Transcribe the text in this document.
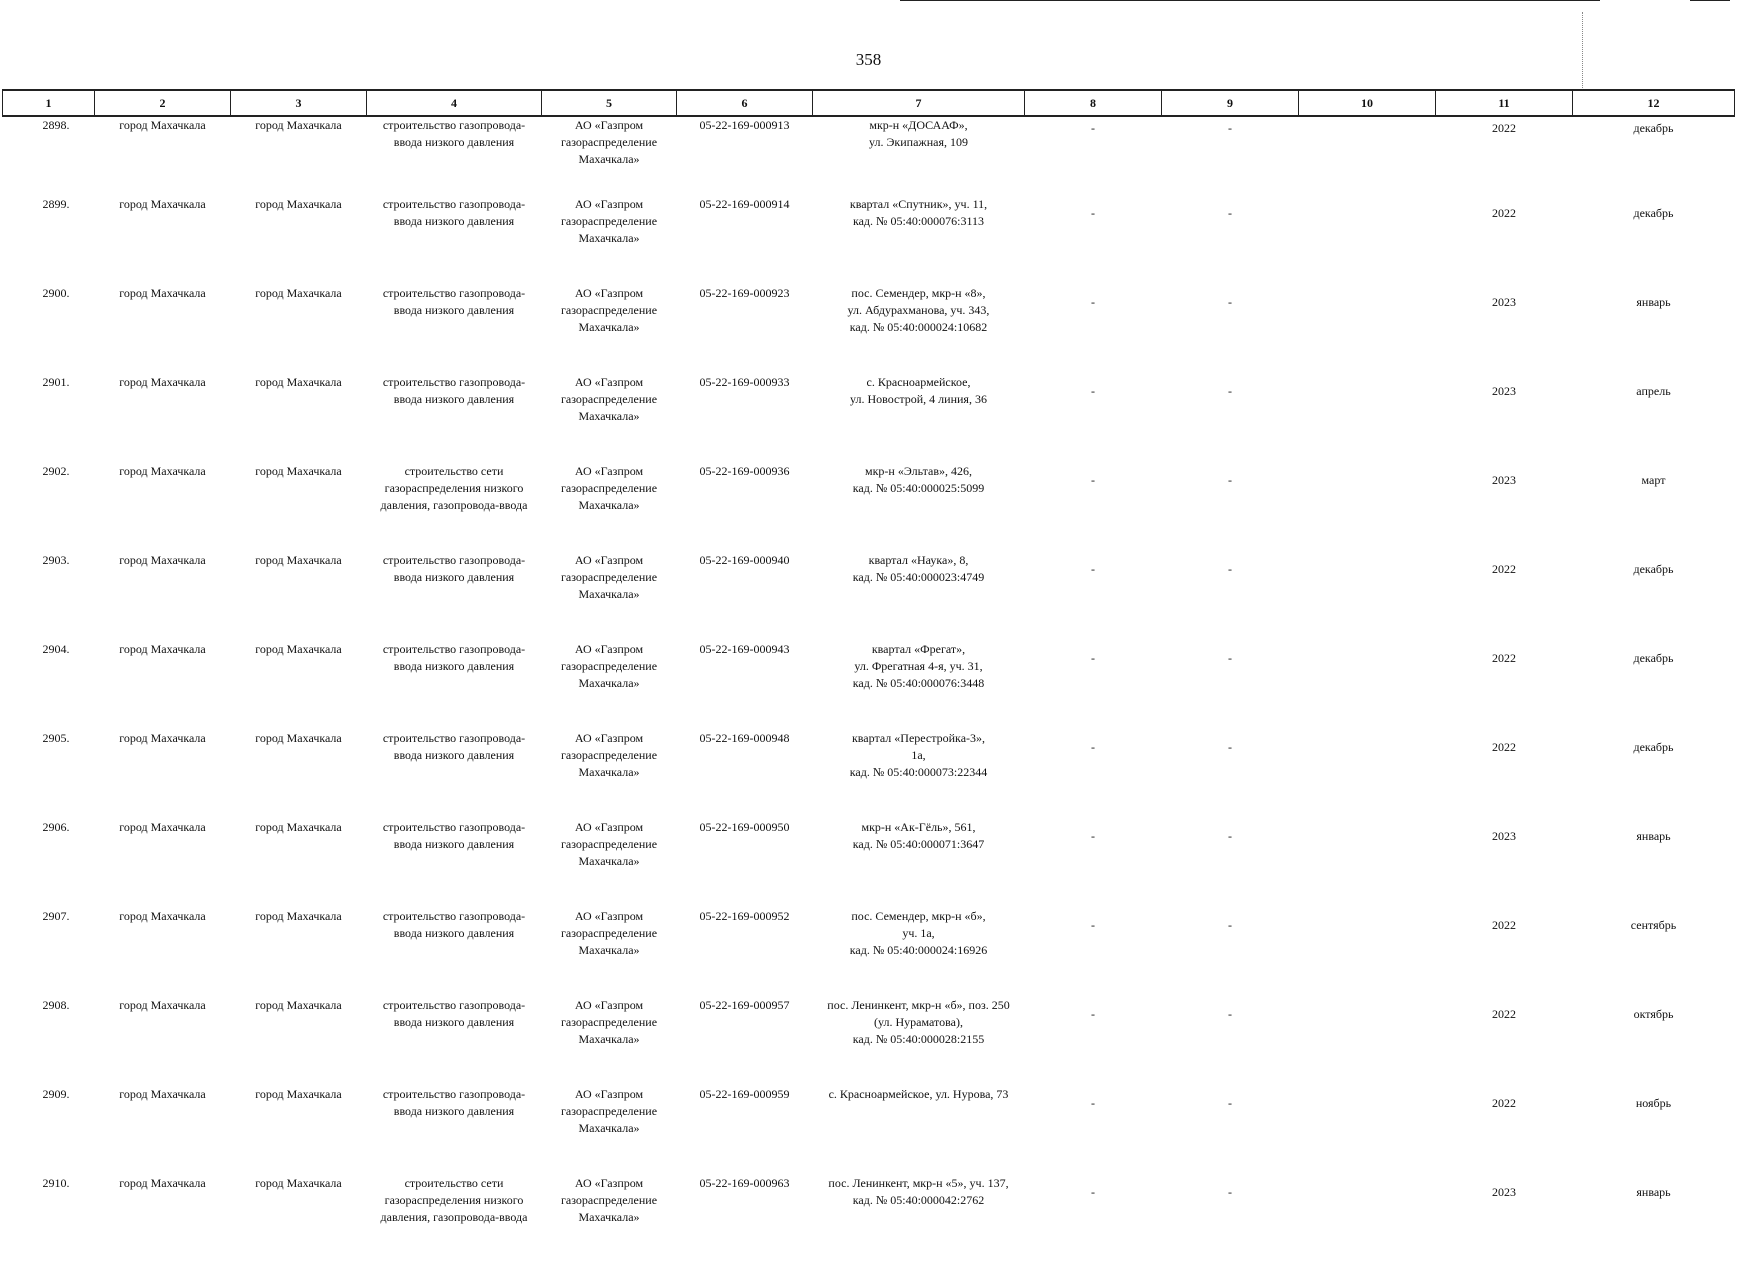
358
1	2	3	4	5	6	7	8	9	10	11	12
2898.	город Махачкала	город Махачкала	строительство газопровода-
ввода низкого давления	АО «Газпром
газораспределение
Махачкала»	05-22-169-000913	мкр-н «ДОСААФ»,
ул. Экипажная, 109	-	-		2022	декабрь
2899.	город Махачкала	город Махачкала	строительство газопровода-
ввода низкого давления	АО «Газпром
газораспределение
Махачкала»	05-22-169-000914	квартал «Спутник», уч. 11,
кад. № 05:40:000076:3113	-	-		2022	декабрь
2900.	город Махачкала	город Махачкала	строительство газопровода-
ввода низкого давления	АО «Газпром
газораспределение
Махачкала»	05-22-169-000923	пос. Семендер, мкр-н «8»,
ул. Абдурахманова, уч. 343,
кад. № 05:40:000024:10682	-	-		2023	январь
2901.	город Махачкала	город Махачкала	строительство газопровода-
ввода низкого давления	АО «Газпром
газораспределение
Махачкала»	05-22-169-000933	с. Красноармейское,
ул. Новострой, 4 линия, 36	-	-		2023	апрель
2902.	город Махачкала	город Махачкала	строительство сети
газораспределения низкого
давления, газопровода-ввода	АО «Газпром
газораспределение
Махачкала»	05-22-169-000936	мкр-н «Эльтав», 426,
кад. № 05:40:000025:5099	-	-		2023	март
2903.	город Махачкала	город Махачкала	строительство газопровода-
ввода низкого давления	АО «Газпром
газораспределение
Махачкала»	05-22-169-000940	квартал «Наука», 8,
кад. № 05:40:000023:4749	-	-		2022	декабрь
2904.	город Махачкала	город Махачкала	строительство газопровода-
ввода низкого давления	АО «Газпром
газораспределение
Махачкала»	05-22-169-000943	квартал «Фрегат»,
ул. Фрегатная 4-я, уч. 31,
кад. № 05:40:000076:3448	-	-		2022	декабрь
2905.	город Махачкала	город Махачкала	строительство газопровода-
ввода низкого давления	АО «Газпром
газораспределение
Махачкала»	05-22-169-000948	квартал «Перестройка-3»,
1а,
кад. № 05:40:000073:22344	-	-		2022	декабрь
2906.	город Махачкала	город Махачкала	строительство газопровода-
ввода низкого давления	АО «Газпром
газораспределение
Махачкала»	05-22-169-000950	мкр-н «Ак-Гёль», 561,
кад. № 05:40:000071:3647	-	-		2023	январь
2907.	город Махачкала	город Махачкала	строительство газопровода-
ввода низкого давления	АО «Газпром
газораспределение
Махачкала»	05-22-169-000952	пос. Семендер, мкр-н «б»,
уч. 1а,
кад. № 05:40:000024:16926	-	-		2022	сентябрь
2908.	город Махачкала	город Махачкала	строительство газопровода-
ввода низкого давления	АО «Газпром
газораспределение
Махачкала»	05-22-169-000957	пос. Ленинкент, мкр-н «б», поз. 250
(ул. Нураматова),
кад. № 05:40:000028:2155	-	-		2022	октябрь
2909.	город Махачкала	город Махачкала	строительство газопровода-
ввода низкого давления	АО «Газпром
газораспределение
Махачкала»	05-22-169-000959	с. Красноармейское, ул. Нурова, 73	-	-		2022	ноябрь
2910.	город Махачкала	город Махачкала	строительство сети
газораспределения низкого
давления, газопровода-ввода	АО «Газпром
газораспределение
Махачкала»	05-22-169-000963	пос. Ленинкент, мкр-н «5», уч. 137,
кад. № 05:40:000042:2762	-	-		2023	январь
